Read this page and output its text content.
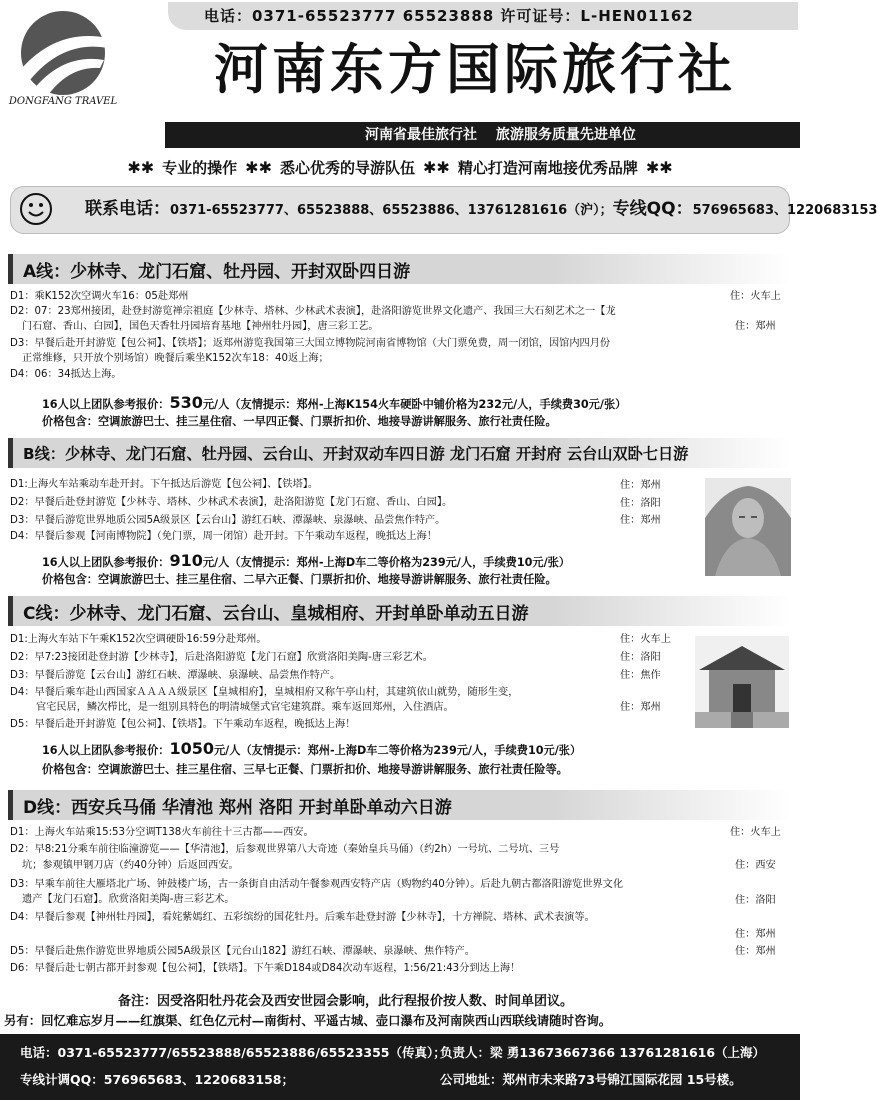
电话：0371-65523777 65523888 许可证号：L-HEN01162
DONGFANG TRAVEL
河南东方国际旅行社
河南省最佳旅行社 旅游服务质量先进单位
✱✱ 专业的操作 ✱✱ 悉心优秀的导游队伍 ✱✱ 精心打造河南地接优秀品牌 ✱✱
联系电话：0371-65523777、65523888、65523886、13761281616（沪）；专线QQ：576965683、1220683153
A线：少林寺、龙门石窟、牡丹园、开封双卧四日游
D1：乘K152次空调火车16：05赴郑州
D2：07：23郑州接团，赴登封游览禅宗祖庭【少林寺、塔林、少林武术表演】，赴洛阳游览世界文化遗产、我国三大石刻艺术之一【龙
门石窟、香山、白园】，国色天香牡丹园培育基地【神州牡丹园】，唐三彩工艺。
D3：早餐后赴开封游览【包公祠】、【铁塔】；返郑州游览我国第三大国立博物院河南省博物馆（大门票免费，周一闭馆，因馆内四月份
正常维修，只开放个别场馆）晚餐后乘坐K152次车18：40返上海；
D4：06：34抵达上海。
住：火车上
住：郑州
16人以上团队参考报价：530元/人（友情提示：郑州-上海K154火车硬卧中铺价格为232元/人，手续费30元/张）
价格包含：空调旅游巴士、挂三星住宿、一早四正餐、门票折扣价、地接导游讲解服务、旅行社责任险。
B线：少林寺、龙门石窟、牡丹园、云台山、开封双动车四日游 龙门石窟 开封府 云台山双卧七日游
D1:上海火车站乘动车赴开封。下午抵达后游览【包公祠】、【铁塔】。
D2：早餐后赴登封游览【少林寺、塔林、少林武术表演】，赴洛阳游览【龙门石窟、香山、白园】。
D3：早餐后游览世界地质公园5A级景区【云台山】游红石峡、潭瀑峡、泉瀑峡、品尝焦作特产。
D4：早餐后参观【河南博物院】（免门票，周一闭馆）赴开封。下午乘动车返程，晚抵达上海！
住：郑州
住：洛阳
住：郑州
16人以上团队参考报价：910元/人（友情提示：郑州-上海D车二等价格为239元/人，手续费10元/张）
价格包含：空调旅游巴士、挂三星住宿、二早六正餐、门票折扣价、地接导游讲解服务、旅行社责任险。
C线：少林寺、龙门石窟、云台山、皇城相府、开封单卧单动五日游
D1:上海火车站下午乘K152次空调硬卧16:59分赴郑州。
D2：早7:23接团赴登封游【少林寺】，后赴洛阳游览【龙门石窟】欣赏洛阳美陶-唐三彩艺术。
D3：早餐后游览【云台山】游红石峡、潭瀑峡、泉瀑峡、品尝焦作特产。
D4：早餐后乘车赴山西国家ＡＡＡＡ级景区【皇城相府】，皇城相府又称午亭山村，其建筑依山就势，随形生变，
官宅民居，鳞次栉比，是一组别具特色的明清城堡式官宅建筑群。乘车返回郑州，入住酒店。
D5：早餐后赴开封游览【包公祠】、【铁塔】。下午乘动车返程，晚抵达上海！
住：火车上
住：洛阳
住：焦作
住：郑州
16人以上团队参考报价：1050元/人（友情提示：郑州-上海D车二等价格为239元/人，手续费10元/张）
价格包含：空调旅游巴士、挂三星住宿、三早七正餐、门票折扣价、地接导游讲解服务、旅行社责任险等。
D线：西安兵马俑 华清池 郑州 洛阳 开封单卧单动六日游
D1：上海火车站乘15:53分空调T138火车前往十三古都——西安。
D2：早8:21分乘车前往临潼游览——【华清池】，后参观世界第八大奇迹（秦始皇兵马俑）（约2h）一号坑、二号坑、三号
坑；参观镇甲钢刀店（约40分钟）后返回西安。
D3：早乘车前往大雁塔北广场、钟鼓楼广场，古一条街自由活动午餐参观西安特产店（购物约40分钟）。后赴九朝古都洛阳游览世界文化
遗产【龙门石窟】。欣赏洛阳美陶-唐三彩艺术。
D4：早餐后参观【神州牡丹园】，看姹紫嫣红、五彩缤纷的国花牡丹。后乘车赴登封游【少林寺】，十方禅院、塔林、武术表演等。
D5：早餐后赴焦作游览世界地质公园5A级景区【元台山182】游红石峡、潭瀑峡、泉瀑峡、焦作特产。
D6：早餐后赴七朝古都开封参观【包公祠】，【铁塔】。下午乘D184或D84次动车返程，1:56/21:43分到达上海！
住：火车上
住：西安
住：洛阳
住：郑州
住：郑州
备注：因受洛阳牡丹花会及西安世园会影响，此行程报价按人数、时间单团议。
另有：回忆难忘岁月——红旗渠、红色亿元村—南街村、平遥古城、壶口瀑布及河南陕西山西联线请随时咨询。
电话：0371-65523777/65523888/65523886/65523355（传真）；
负责人：梁 勇13673667366 13761281616（上海）
专线计调QQ：576965683、1220683158；	公司地址：郑州市未来路73号锦江国际花园 15号楼。
